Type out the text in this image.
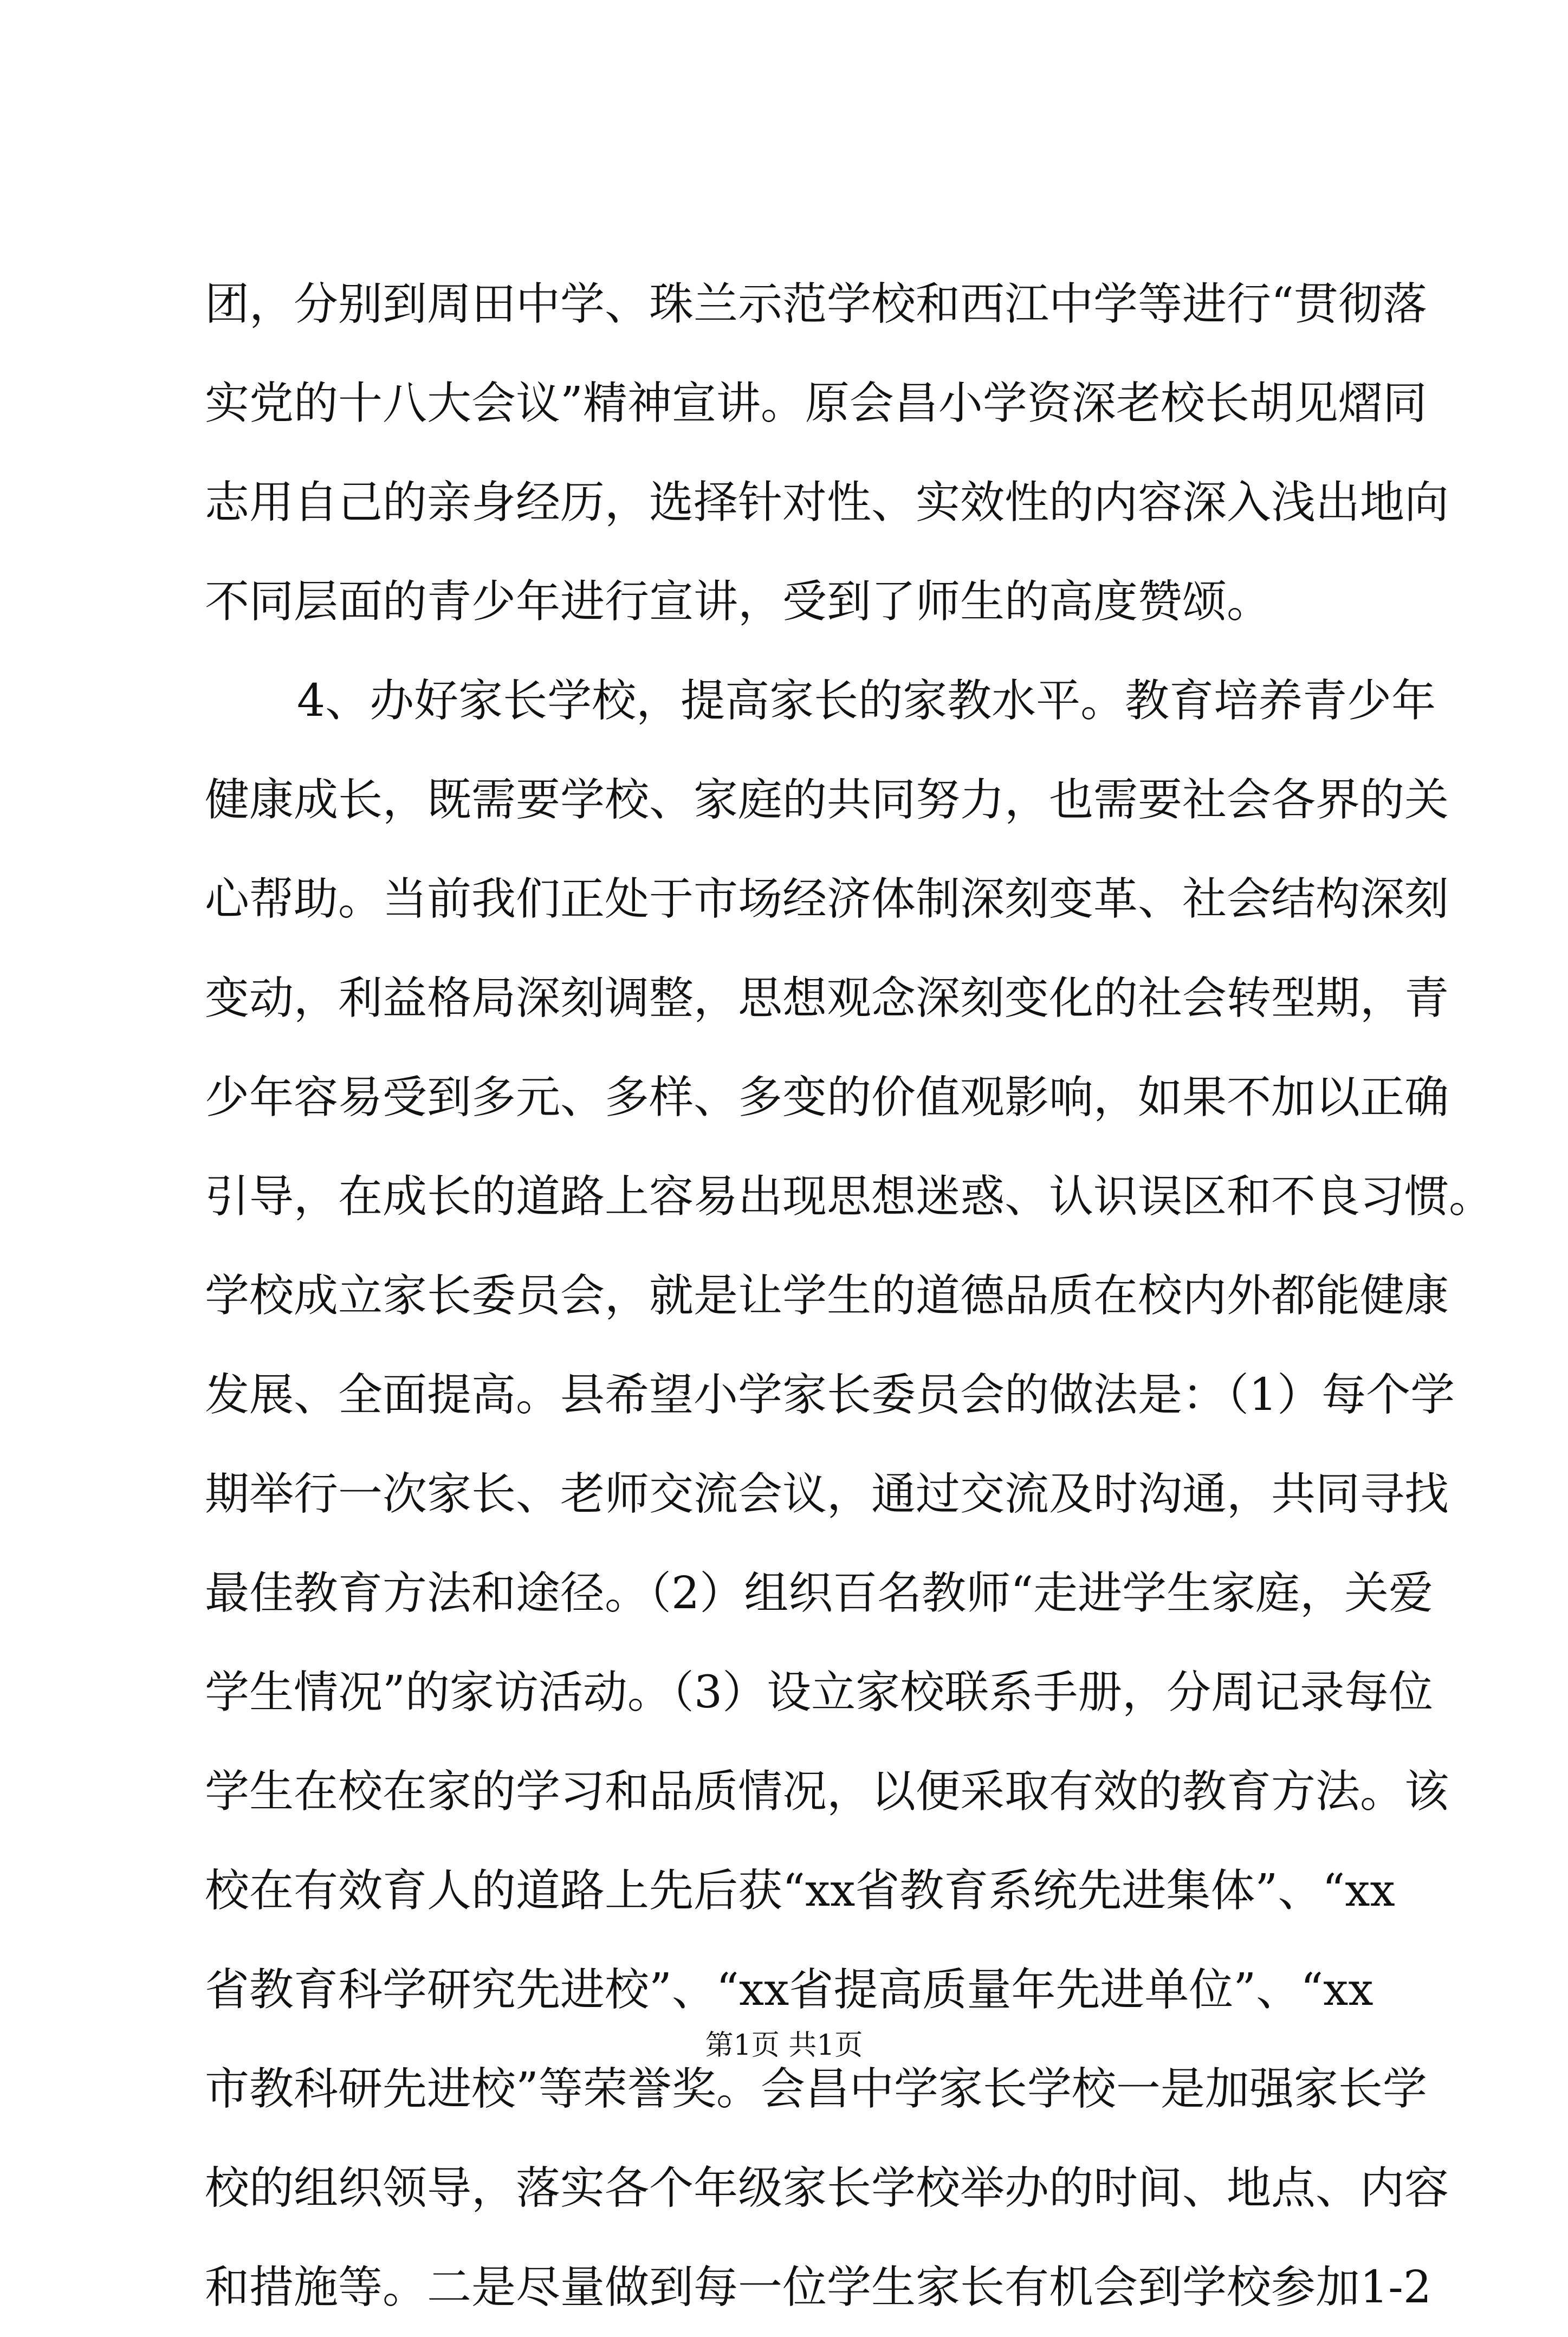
团，分别到周田中学、珠兰示范学校和西江中学等进行“贯彻落
实党的十八大会议”精神宣讲。原会昌小学资深老校长胡见熠同
志用自己的亲身经历，选择针对性、实效性的内容深入浅出地向
不同层面的青少年进行宣讲，受到了师生的高度赞颂。
4、办好家长学校，提高家长的家教水平。教育培养青少年
健康成长，既需要学校、家庭的共同努力，也需要社会各界的关
心帮助。当前我们正处于市场经济体制深刻变革、社会结构深刻
变动，利益格局深刻调整，思想观念深刻变化的社会转型期，青
少年容易受到多元、多样、多变的价值观影响，如果不加以正确
引导，在成长的道路上容易出现思想迷惑、认识误区和不良习惯。
学校成立家长委员会，就是让学生的道德品质在校内外都能健康
发展、全面提高。县希望小学家长委员会的做法是：（1）每个学
期举行一次家长、老师交流会议，通过交流及时沟通，共同寻找
最佳教育方法和途径。（2）组织百名教师“走进学生家庭，关爱
学生情况”的家访活动。（3）设立家校联系手册，分周记录每位
学生在校在家的学习和品质情况，以便采取有效的教育方法。该
校在有效育人的道路上先后获“xx省教育系统先进集体”、“xx
省教育科学研究先进校”、“xx省提高质量年先进单位”、“xx
市教科研先进校”等荣誉奖。会昌中学家长学校一是加强家长学
校的组织领导，落实各个年级家长学校举办的时间、地点、内容
和措施等。二是尽量做到每一位学生家长有机会到学校参加1-2
第1页 共1页
